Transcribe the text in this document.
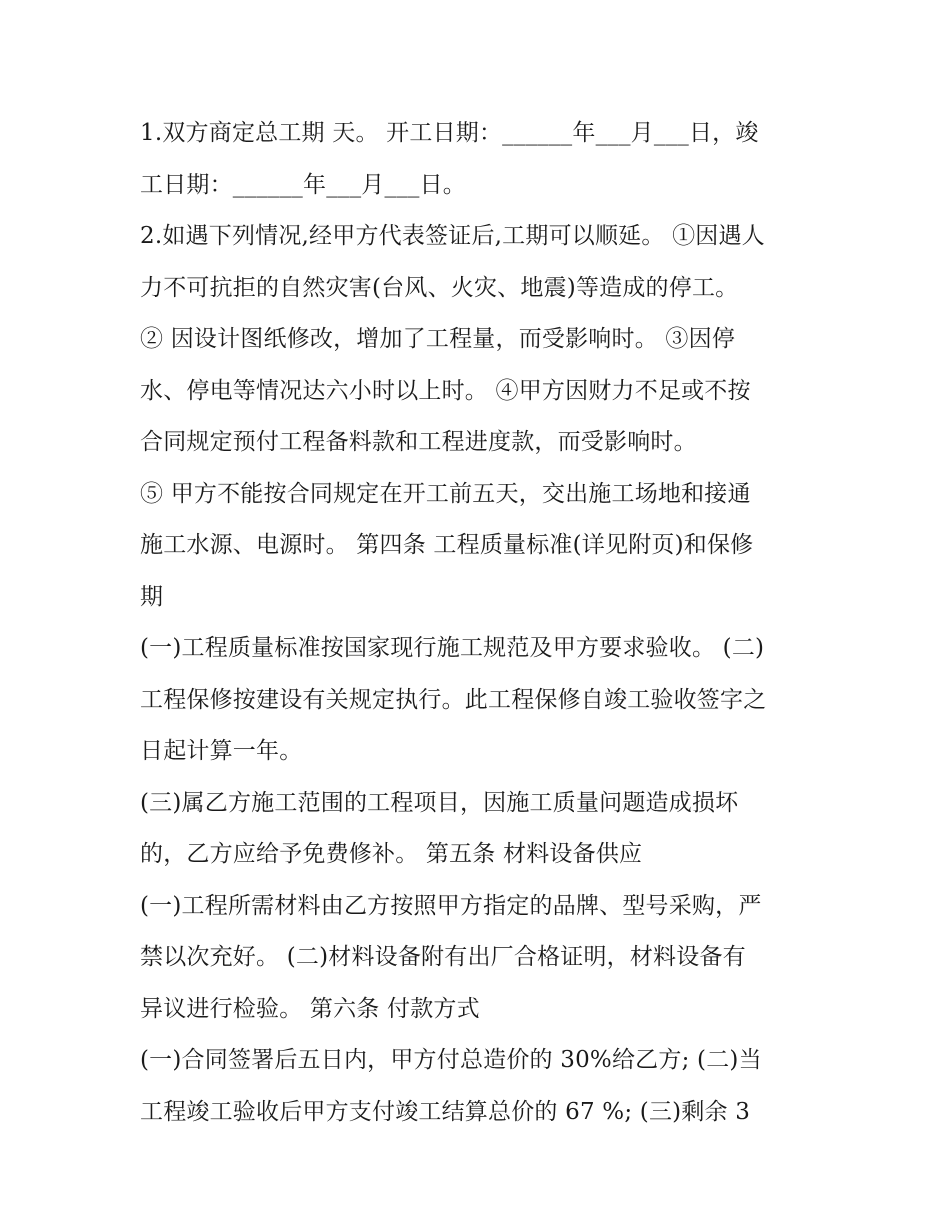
1.双方商定总工期 天。 开工日期：______年___月___日，竣
工日期：______年___月___日。
2.如遇下列情况,经甲方代表签证后,工期可以顺延。 ①因遇人
力不可抗拒的自然灾害(台风、火灾、地震)等造成的停工。
② 因设计图纸修改，增加了工程量，而受影响时。 ③因停
水、停电等情况达六小时以上时。 ④甲方因财力不足或不按
合同规定预付工程备料款和工程进度款，而受影响时。
⑤ 甲方不能按合同规定在开工前五天，交出施工场地和接通
施工水源、电源时。 第四条 工程质量标准(详见附页)和保修
期
(一)工程质量标准按国家现行施工规范及甲方要求验收。 (二)
工程保修按建设有关规定执行。此工程保修自竣工验收签字之
日起计算一年。
(三)属乙方施工范围的工程项目，因施工质量问题造成损坏
的，乙方应给予免费修补。 第五条 材料设备供应
(一)工程所需材料由乙方按照甲方指定的品牌、型号采购，严
禁以次充好。 (二)材料设备附有出厂合格证明，材料设备有
异议进行检验。 第六条 付款方式
(一)合同签署后五日内，甲方付总造价的 30%给乙方; (二)当
工程竣工验收后甲方支付竣工结算总价的 67 %; (三)剩余 3
